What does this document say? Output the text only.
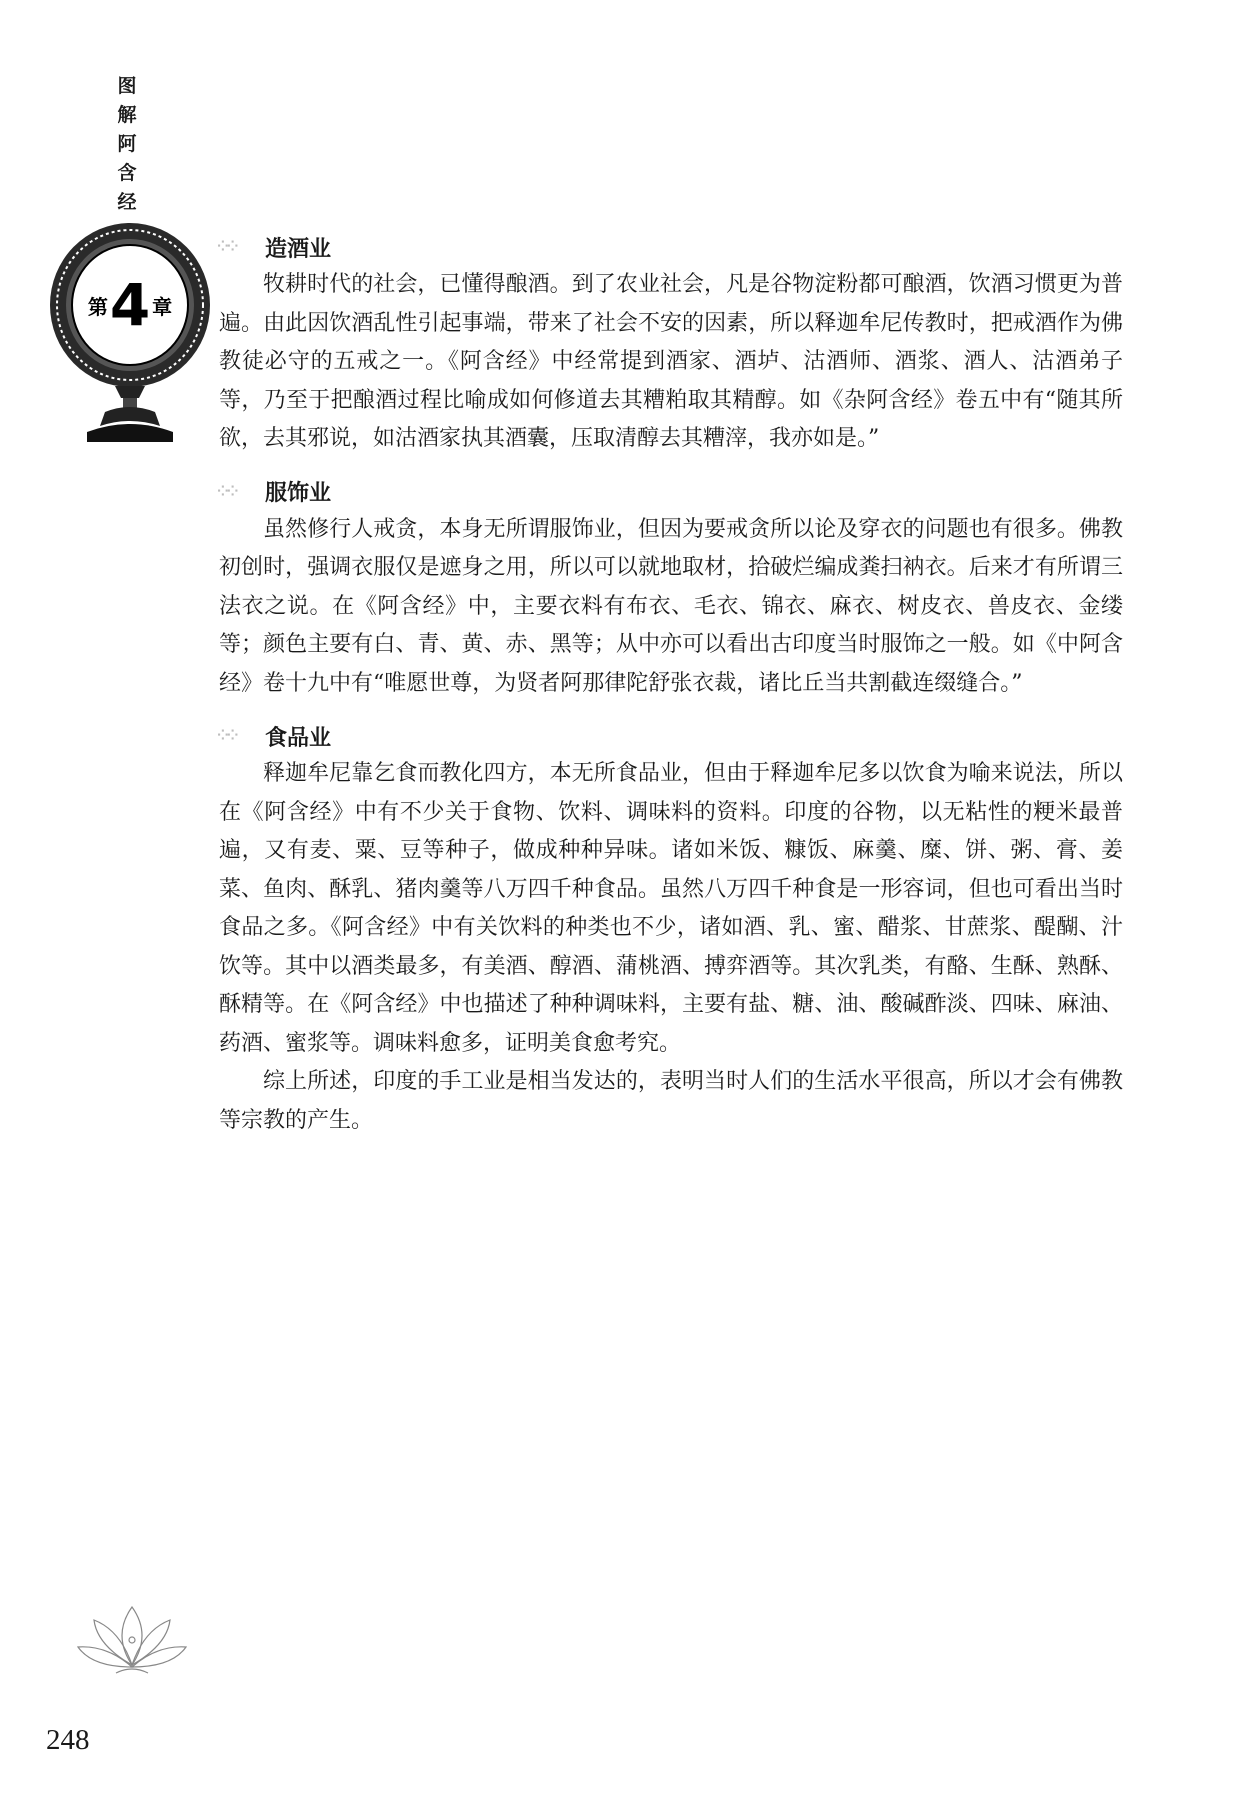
图
解
阿
含
经
第 4 章
⁘⁘	造酒业

牧耕时代的社会，已懂得酿酒。到了农业社会，凡是谷物淀粉都可酿酒，饮酒习惯更为普遍。由此因饮酒乱性引起事端，带来了社会不安的因素，所以释迦牟尼传教时，把戒酒作为佛教徒必守的五戒之一。《阿含经》中经常提到酒家、酒垆、沽酒师、酒浆、酒人、沽酒弟子等，乃至于把酿酒过程比喻成如何修道去其糟粕取其精醇。如《杂阿含经》卷五中有“随其所欲，去其邪说，如沽酒家执其酒囊，压取清醇去其糟滓，我亦如是。”

⁘⁘	服饰业

虽然修行人戒贪，本身无所谓服饰业，但因为要戒贪所以论及穿衣的问题也有很多。佛教初创时，强调衣服仅是遮身之用，所以可以就地取材，拾破烂编成粪扫衲衣。后来才有所谓三法衣之说。在《阿含经》中，主要衣料有布衣、毛衣、锦衣、麻衣、树皮衣、兽皮衣、金缕等；颜色主要有白、青、黄、赤、黑等；从中亦可以看出古印度当时服饰之一般。如《中阿含经》卷十九中有“唯愿世尊，为贤者阿那律陀舒张衣裁，诸比丘当共割截连缀缝合。”

⁘⁘	食品业

释迦牟尼靠乞食而教化四方，本无所食品业，但由于释迦牟尼多以饮食为喻来说法，所以在《阿含经》中有不少关于食物、饮料、调味料的资料。印度的谷物，以无粘性的粳米最普遍，又有麦、粟、豆等种子，做成种种异味。诸如米饭、糠饭、麻羹、糜、饼、粥、膏、姜菜、鱼肉、酥乳、猪肉羹等八万四千种食品。虽然八万四千种食是一形容词，但也可看出当时食品之多。《阿含经》中有关饮料的种类也不少，诸如酒、乳、蜜、醋浆、甘蔗浆、醍醐、汁饮等。其中以酒类最多，有美酒、醇酒、蒲桃酒、搏弈酒等。其次乳类，有酪、生酥、熟酥、酥精等。在《阿含经》中也描述了种种调味料，主要有盐、糖、油、酸碱酢淡、四味、麻油、药酒、蜜浆等。调味料愈多，证明美食愈考究。

综上所述，印度的手工业是相当发达的，表明当时人们的生活水平很高，所以才会有佛教等宗教的产生。

248
